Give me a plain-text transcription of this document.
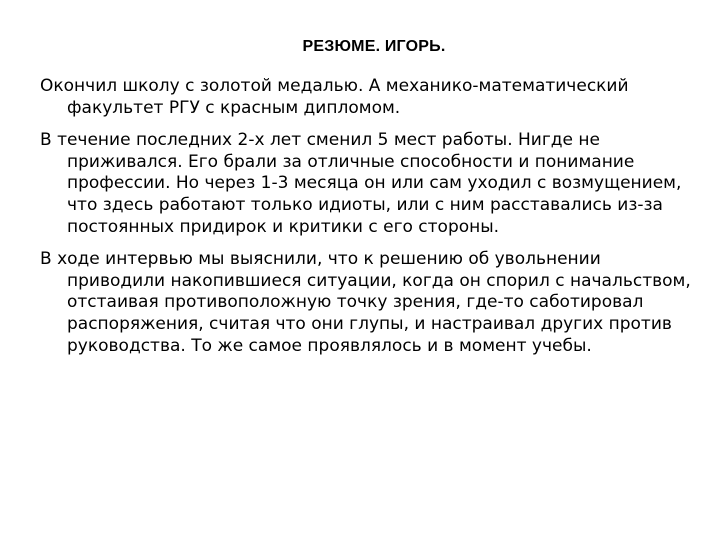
РЕЗЮМЕ. ИГОРЬ.

Окончил школу с золотой медалью. А механико-математический факультет РГУ с красным дипломом.

В течение последних 2-х лет сменил 5 мест работы. Нигде не приживался. Его брали за отличные способности и понимание профессии. Но через 1-3 месяца он или сам уходил с возмущением, что здесь работают только идиоты, или с ним расставались из-за постоянных придирок и критики с его стороны.

В ходе интервью мы выяснили, что к решению об увольнении приводили накопившиеся ситуации, когда он спорил с начальством, отстаивая противоположную точку зрения, где-то саботировал распоряжения, считая что они глупы, и настраивал других против руководства. То же самое проявлялось и в момент учебы.
